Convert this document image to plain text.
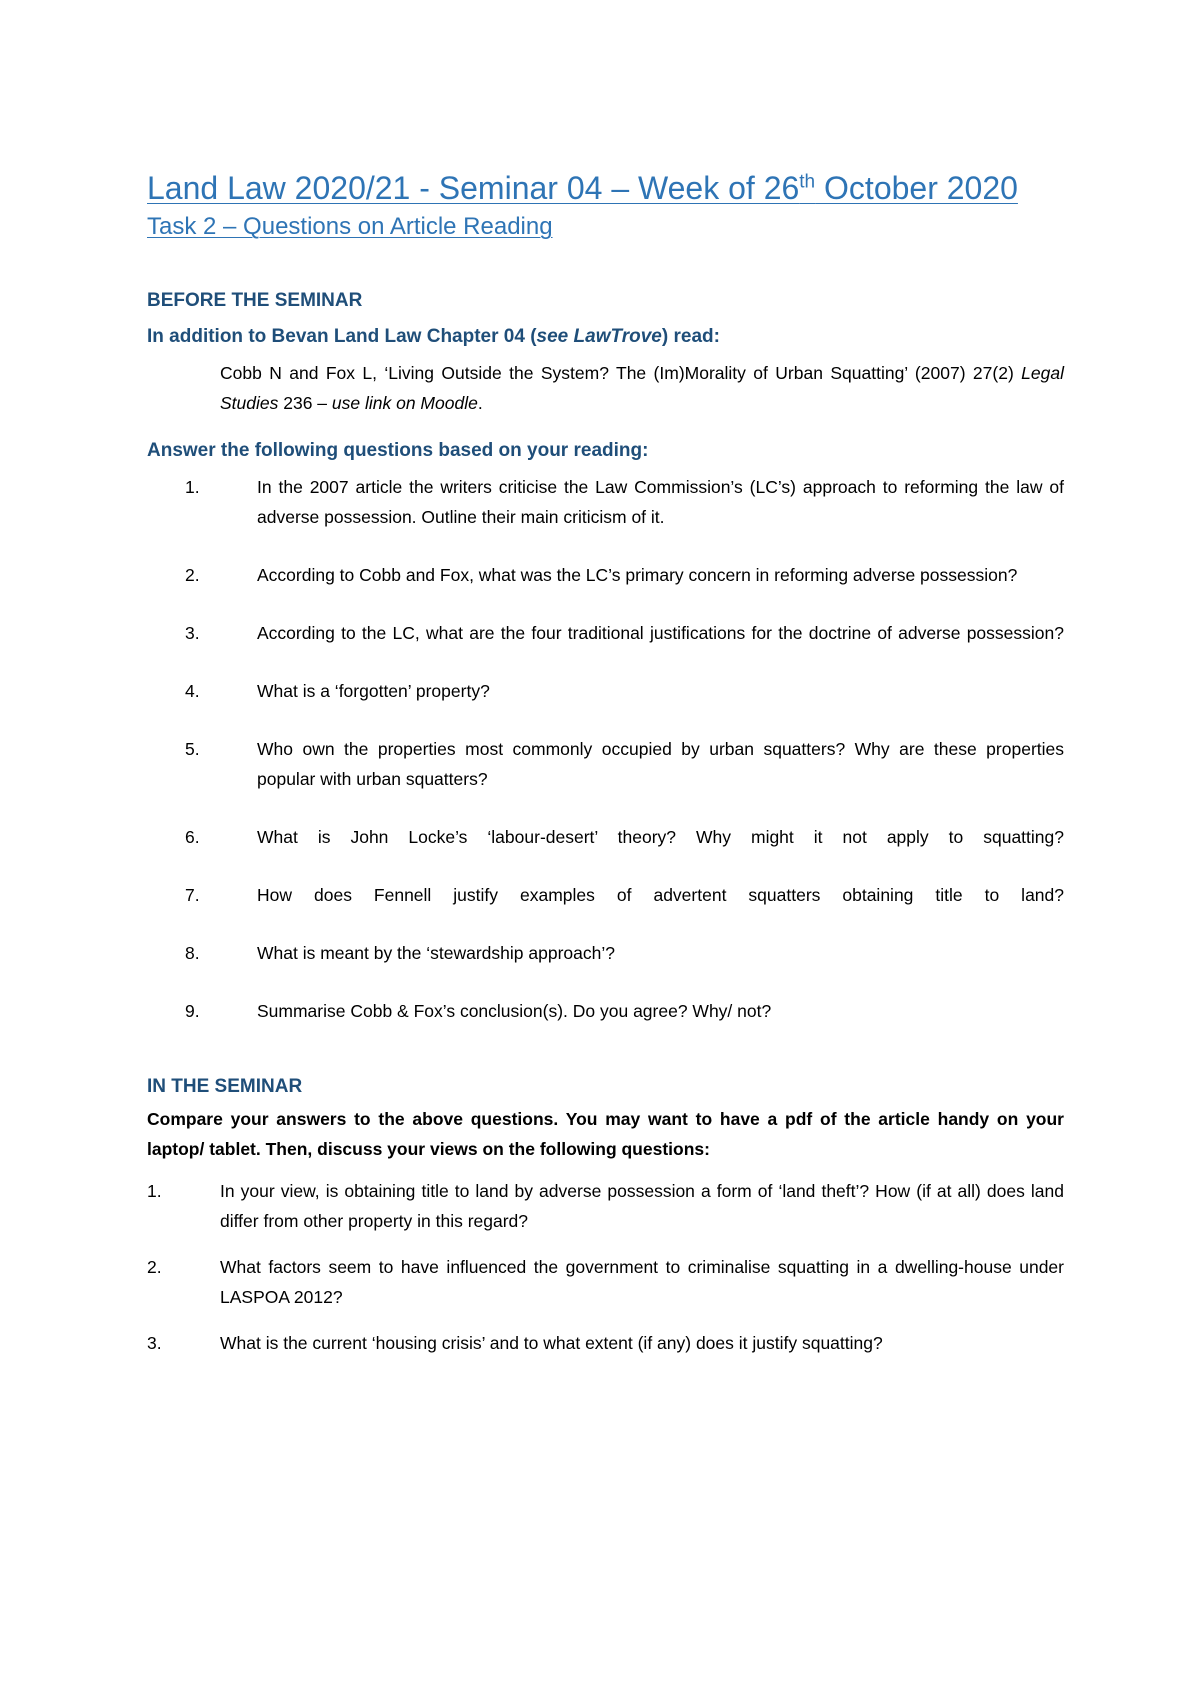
Land Law 2020/21 - Seminar 04 – Week of 26th October 2020
Task 2 – Questions on Article Reading
BEFORE THE SEMINAR
In addition to Bevan Land Law Chapter 04 (see LawTrove) read:
Cobb N and Fox L, ‘Living Outside the System? The (Im)Morality of Urban Squatting’ (2007) 27(2) Legal Studies 236 – use link on Moodle.
Answer the following questions based on your reading:
1.	In the 2007 article the writers criticise the Law Commission’s (LC’s) approach to reforming the law of adverse possession. Outline their main criticism of it.
2.	According to Cobb and Fox, what was the LC’s primary concern in reforming adverse possession?
3.	According to the LC, what are the four traditional justifications for the doctrine of adverse possession?
4.	What is a ‘forgotten’ property?
5.	Who own the properties most commonly occupied by urban squatters? Why are these properties popular with urban squatters?
6.	What is John Locke’s ‘labour-desert’ theory? Why might it not apply to squatting?
7.	How does Fennell justify examples of advertent squatters obtaining title to land?
8.	What is meant by the ‘stewardship approach’?
9.	Summarise Cobb & Fox’s conclusion(s). Do you agree? Why/ not?
IN THE SEMINAR
Compare your answers to the above questions. You may want to have a pdf of the article handy on your laptop/ tablet. Then, discuss your views on the following questions:
1.	In your view, is obtaining title to land by adverse possession a form of ‘land theft’? How (if at all) does land differ from other property in this regard?
2.	What factors seem to have influenced the government to criminalise squatting in a dwelling-house under LASPOA 2012?
3.	What is the current ‘housing crisis’ and to what extent (if any) does it justify squatting?
